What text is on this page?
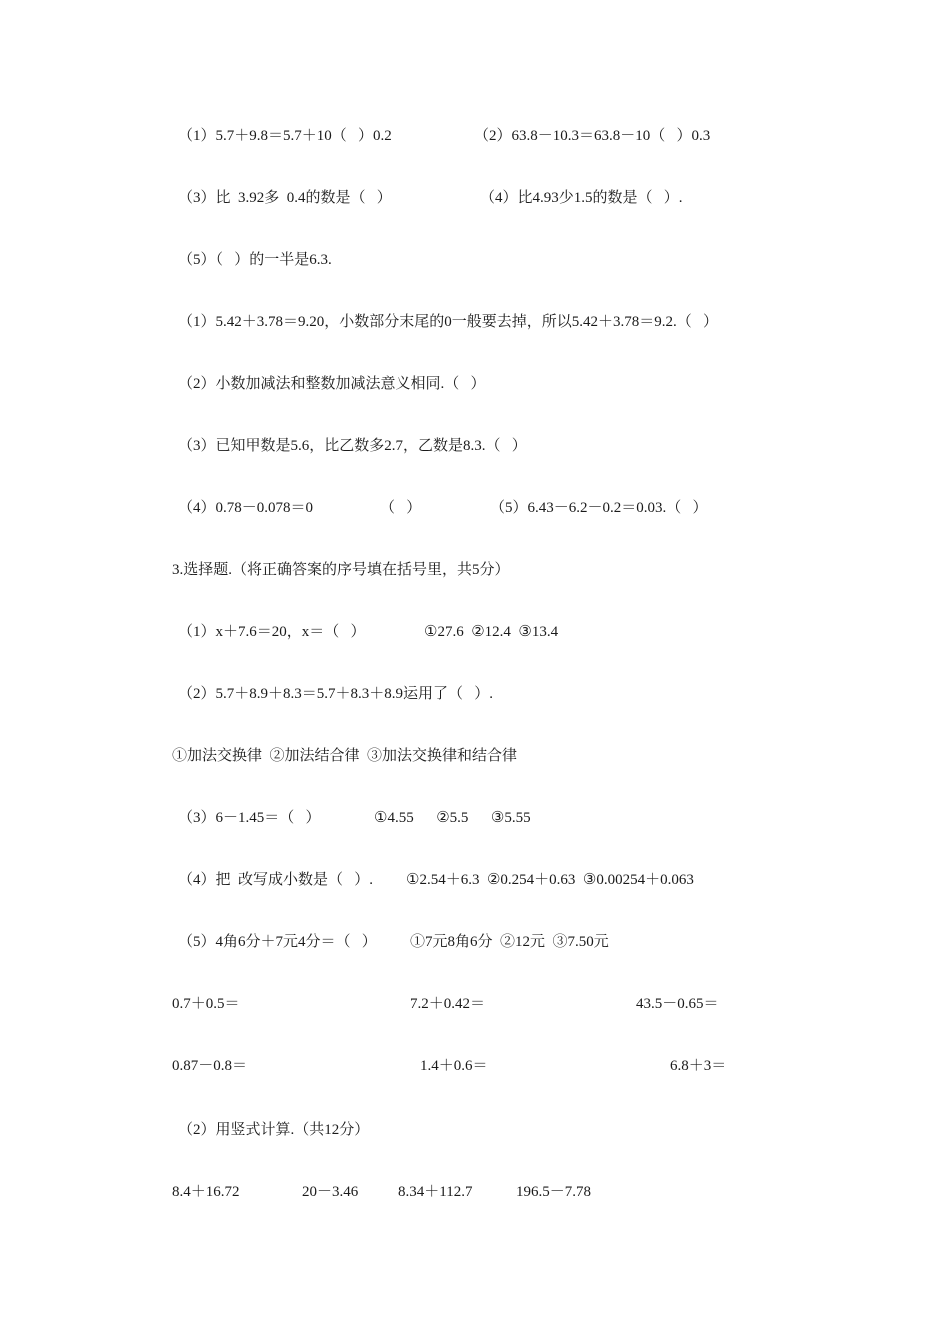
（1）5.7＋9.8＝5.7＋10（   ）0.2	（2）63.8－10.3＝63.8－10（   ）0.3
（3）比  3.92多  0.4的数是（   ）	（4）比4.93少1.5的数是（   ）.
（5）（   ）的一半是6.3.
（1）5.42＋3.78＝9.20，小数部分末尾的0一般要去掉，所以5.42＋3.78＝9.2.（   ）
（2）小数加减法和整数加减法意义相同.（   ）
（3）已知甲数是5.6，比乙数多2.7，乙数是8.3.（   ）
（4）0.78－0.078＝0	（   ）	（5）6.43－6.2－0.2＝0.03.（   ）
3.选择题.（将正确答案的序号填在括号里，共5分）
（1）x＋7.6＝20，x＝（   ）	①27.6  ②12.4  ③13.4
（2）5.7＋8.9＋8.3＝5.7＋8.3＋8.9运用了（   ）.
①加法交换律  ②加法结合律  ③加法交换律和结合律
（3）6－1.45＝（   ）	①4.55      ②5.5      ③5.55
（4）把  改写成小数是（   ）. ①2.54＋6.3  ②0.254＋0.63  ③0.00254＋0.063
（5）4角6分＋7元4分＝（   ） ①7元8角6分  ②12元  ③7.50元
0.7＋0.5＝	7.2＋0.42＝	43.5－0.65＝
0.87－0.8＝	1.4＋0.6＝	6.8＋3＝
（2）用竖式计算.（共12分）
8.4＋16.72	20－3.46	8.34＋112.7	196.5－7.78
